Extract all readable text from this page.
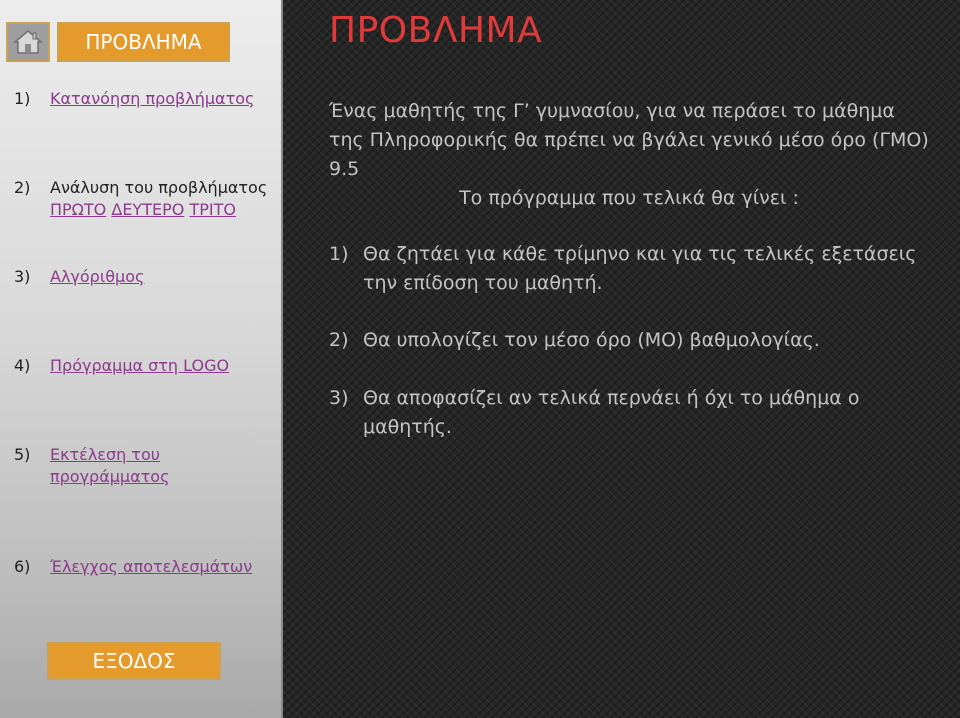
ΠΡΟΒΛΗΜΑ
1)	Κατανόηση προβλήματος
2)	Ανάλυση του προβλήματος
ΠΡΩΤΟ ΔΕΥΤΕΡΟ ΤΡΙΤΟ
3)	Αλγόριθμος
4)	Πρόγραμμα στη LOGO
5)	Εκτέλεση του προγράμματος
6)	Έλεγχος αποτελεσμάτων
ΕΞΟΔΟΣ
ΠΡΟΒΛΗΜΑ
Ένας μαθητής της Γ’ γυμνασίου, για να περάσει το μάθημα της Πληροφορικής θα πρέπει να βγάλει γενικό μέσο όρο (ΓΜΟ) 9.5
Το πρόγραμμα που τελικά θα γίνει :
1) Θα ζητάει για κάθε τρίμηνο και για τις τελικές εξετάσεις την επίδοση του μαθητή.
2) Θα υπολογίζει τον μέσο όρο (ΜΟ) βαθμολογίας.
3) Θα αποφασίζει αν τελικά περνάει ή όχι το μάθημα ο μαθητής.
